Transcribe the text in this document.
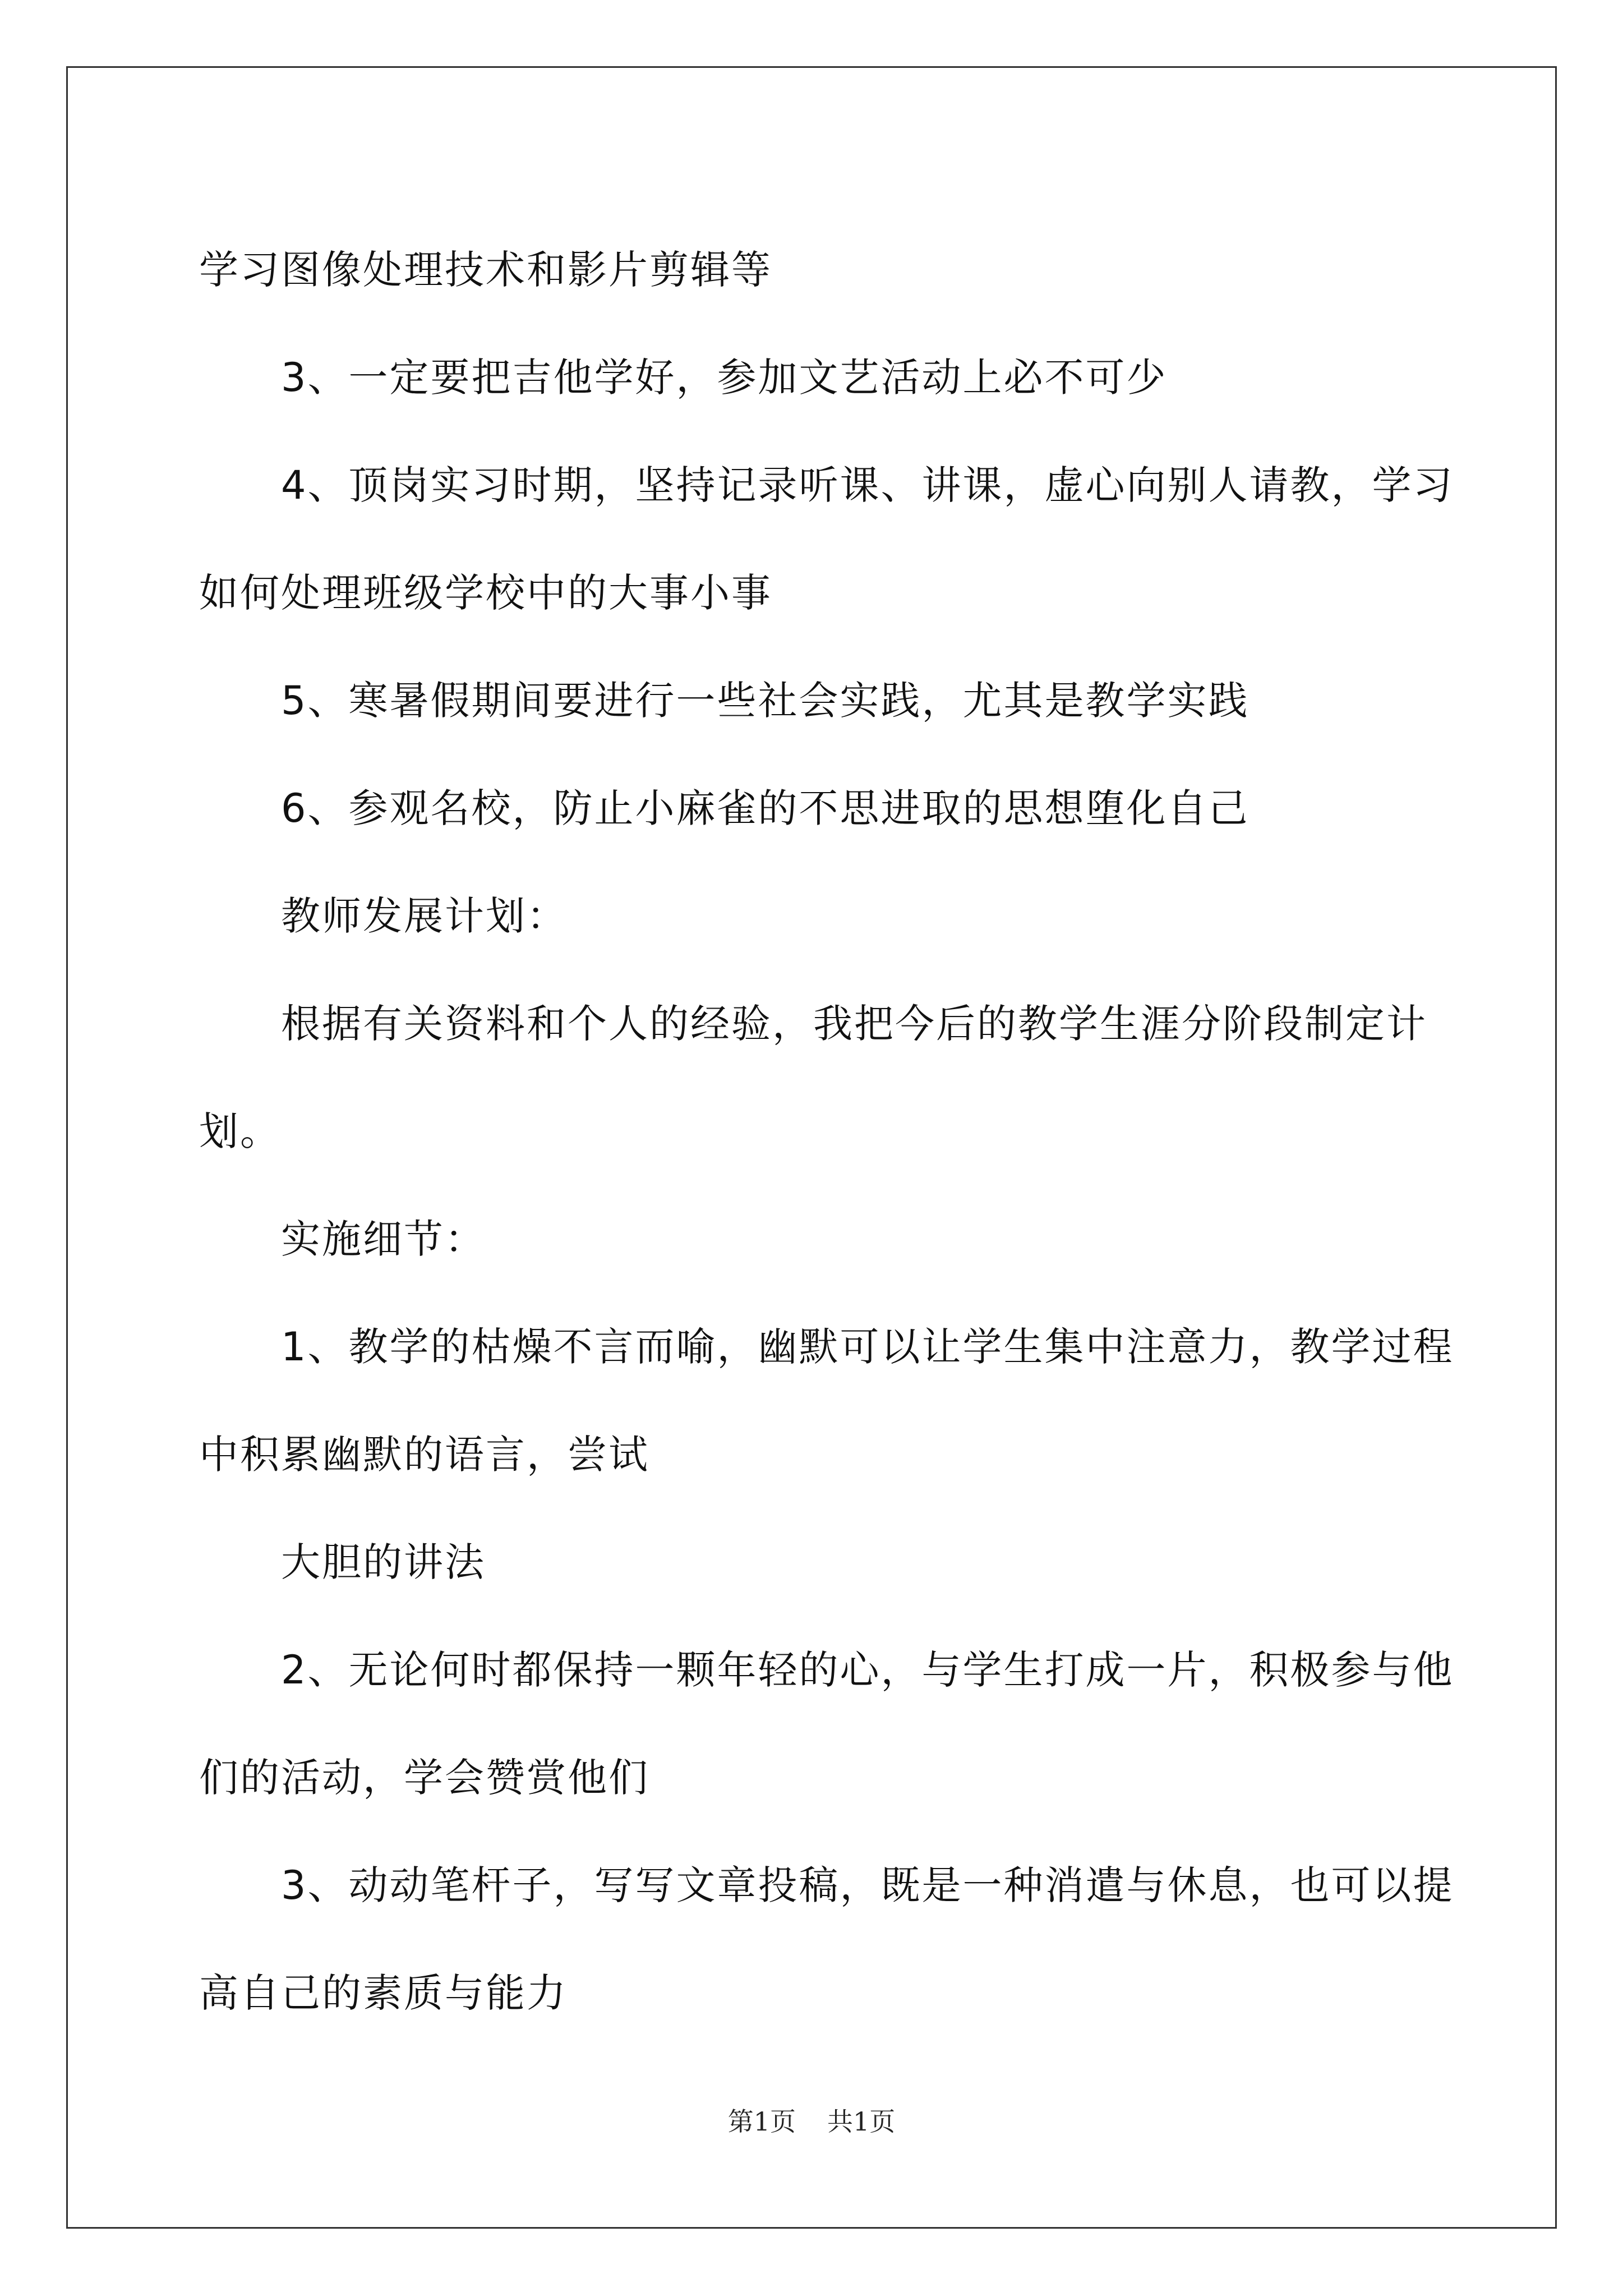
学习图像处理技术和影片剪辑等
3、一定要把吉他学好，参加文艺活动上必不可少
4、顶岗实习时期，坚持记录听课、讲课，虚心向别人请教，学习
如何处理班级学校中的大事小事
5、寒暑假期间要进行一些社会实践，尤其是教学实践
6、参观名校，防止小麻雀的不思进取的思想堕化自己
教师发展计划：
根据有关资料和个人的经验，我把今后的教学生涯分阶段制定计
划。
实施细节：
1、教学的枯燥不言而喻，幽默可以让学生集中注意力，教学过程
中积累幽默的语言，尝试
大胆的讲法
2、无论何时都保持一颗年轻的心，与学生打成一片，积极参与他
们的活动，学会赞赏他们
3、动动笔杆子，写写文章投稿，既是一种消遣与休息，也可以提
高自己的素质与能力
第1页 共1页
